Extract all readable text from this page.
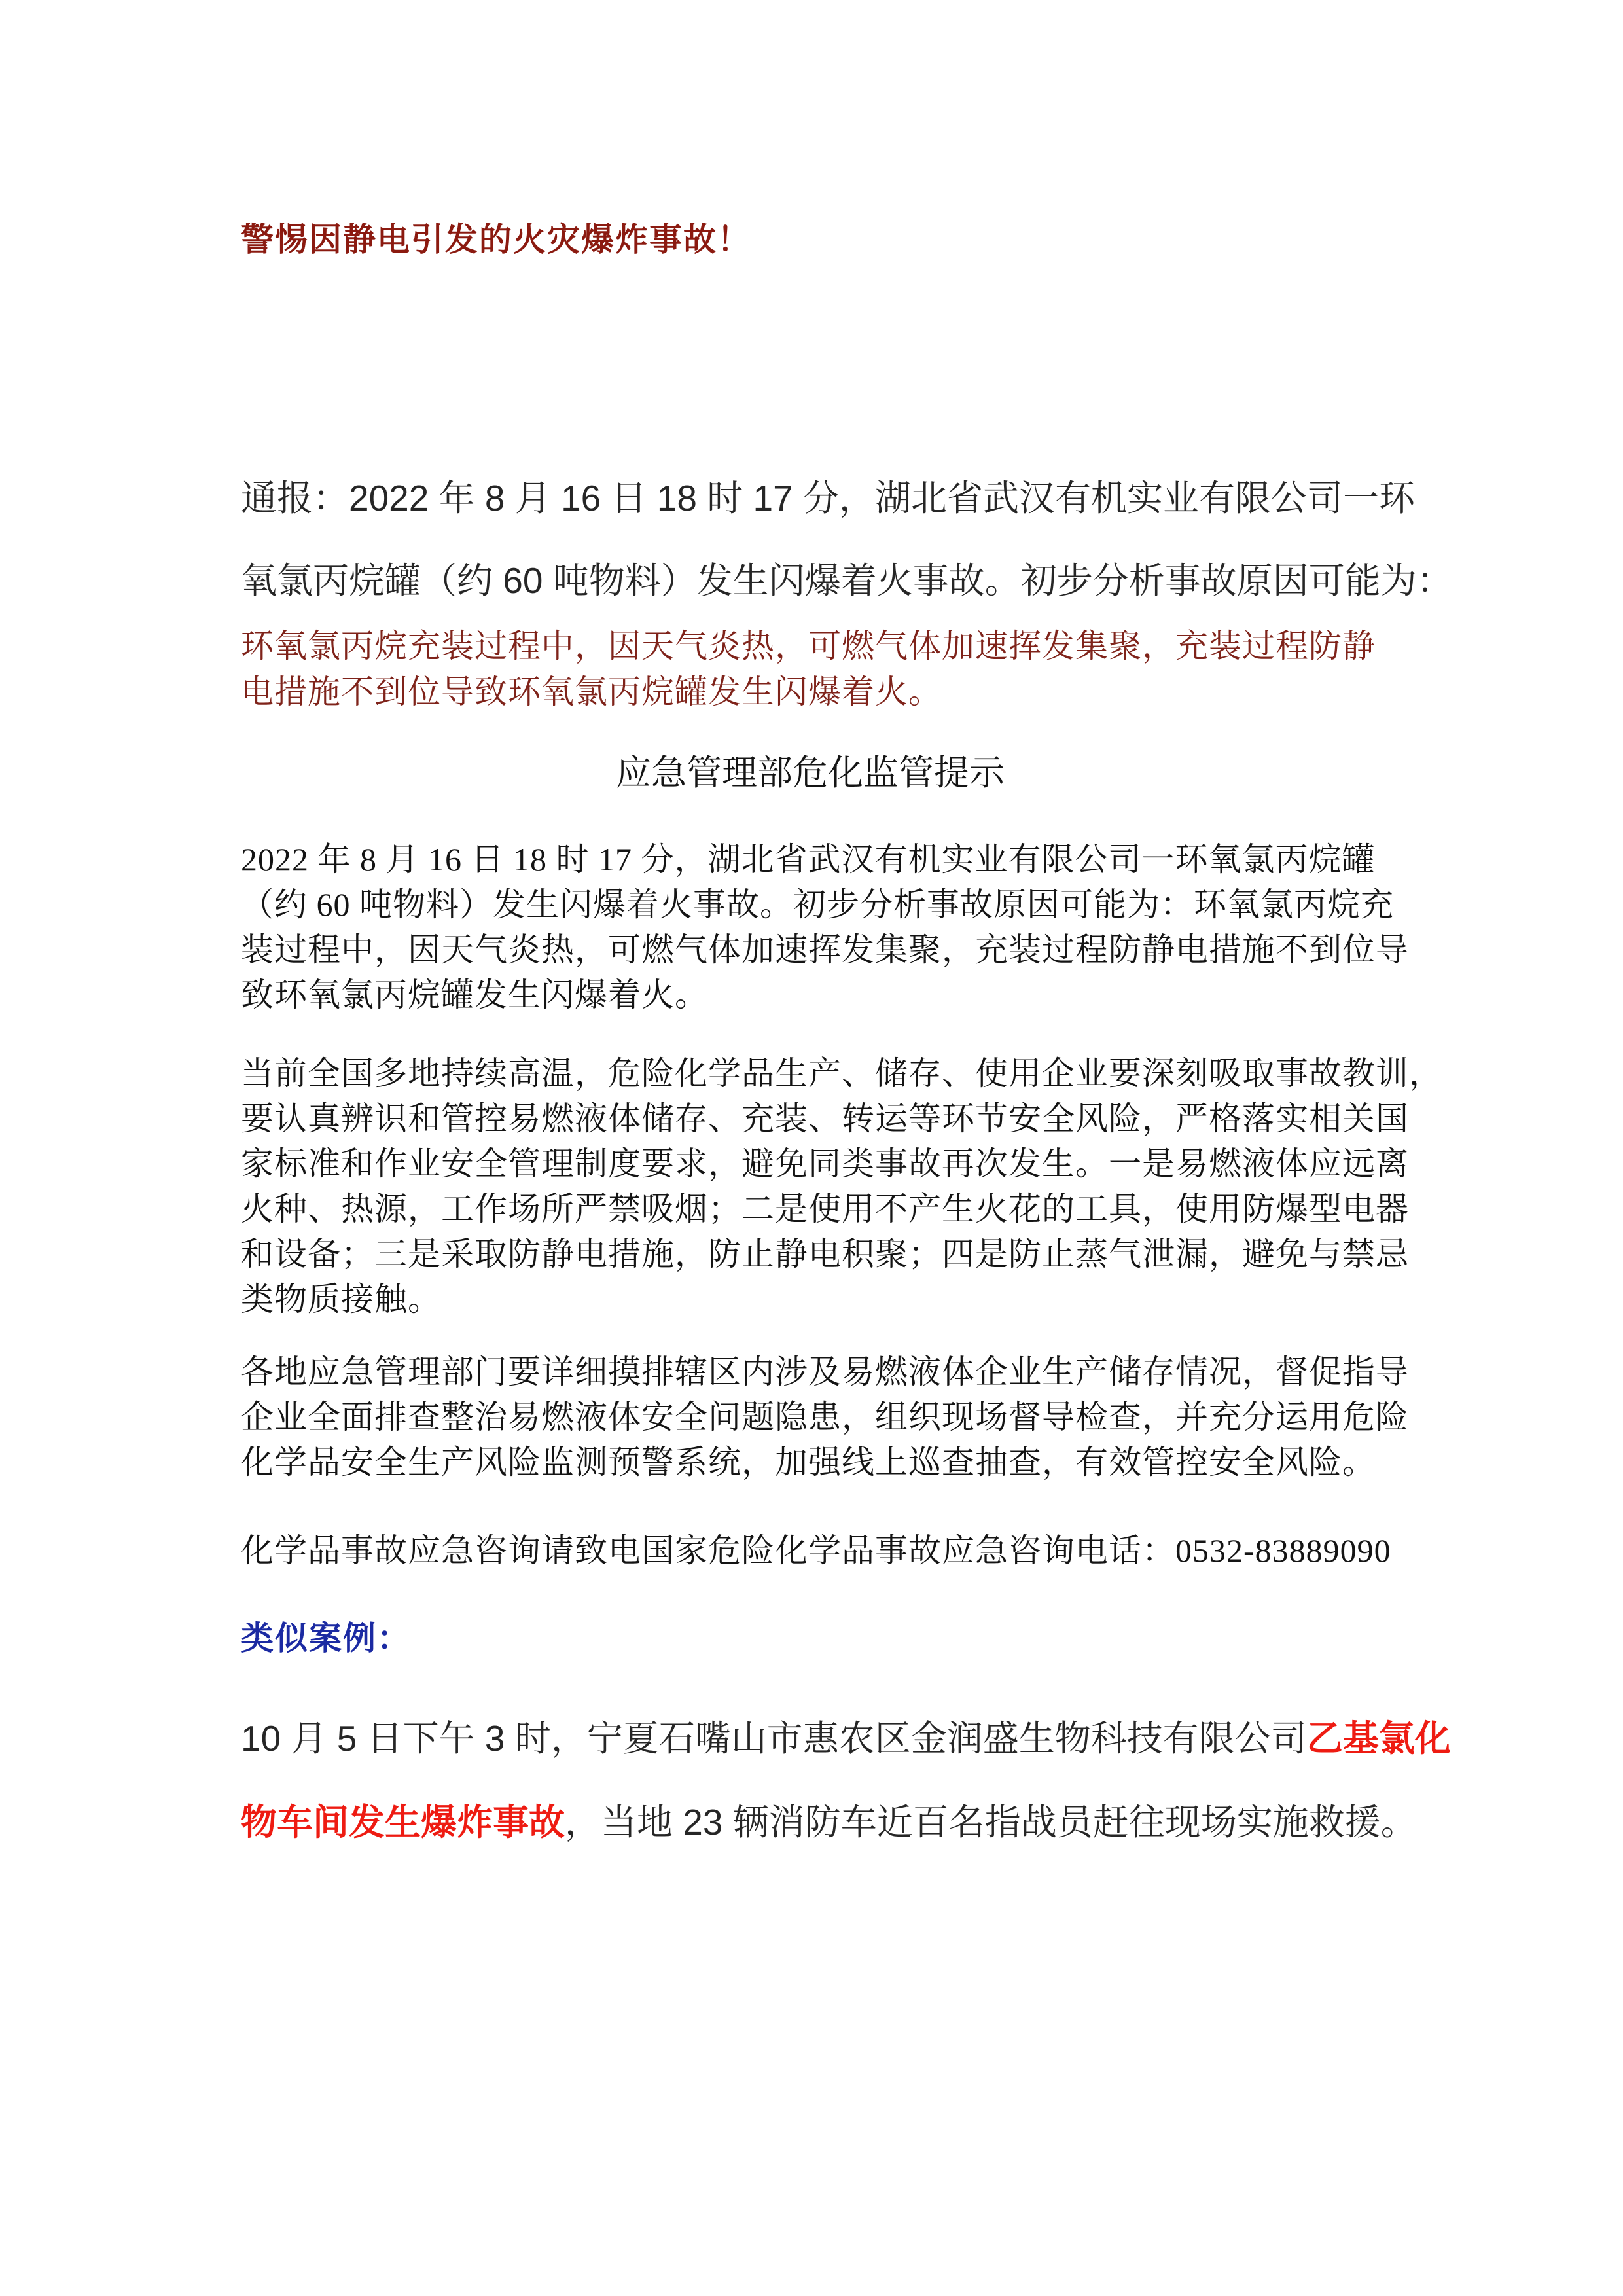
警惕因静电引发的火灾爆炸事故！
通报：2022 年 8 月 16 日 18 时 17 分，湖北省武汉有机实业有限公司一环
氧氯丙烷罐（约 60 吨物料）发生闪爆着火事故。初步分析事故原因可能为：
环氧氯丙烷充装过程中，因天气炎热，可燃气体加速挥发集聚，充装过程防静
电措施不到位导致环氧氯丙烷罐发生闪爆着火。
应急管理部危化监管提示
2022 年 8 月 16 日 18 时 17 分，湖北省武汉有机实业有限公司一环氧氯丙烷罐
（约 60 吨物料）发生闪爆着火事故。初步分析事故原因可能为：环氧氯丙烷充
装过程中，因天气炎热，可燃气体加速挥发集聚，充装过程防静电措施不到位导
致环氧氯丙烷罐发生闪爆着火。
当前全国多地持续高温，危险化学品生产、储存、使用企业要深刻吸取事故教训，
要认真辨识和管控易燃液体储存、充装、转运等环节安全风险，严格落实相关国
家标准和作业安全管理制度要求，避免同类事故再次发生。一是易燃液体应远离
火种、热源，工作场所严禁吸烟；二是使用不产生火花的工具，使用防爆型电器
和设备；三是采取防静电措施，防止静电积聚；四是防止蒸气泄漏，避免与禁忌
类物质接触。
各地应急管理部门要详细摸排辖区内涉及易燃液体企业生产储存情况，督促指导
企业全面排查整治易燃液体安全问题隐患，组织现场督导检查，并充分运用危险
化学品安全生产风险监测预警系统，加强线上巡查抽查，有效管控安全风险。
化学品事故应急咨询请致电国家危险化学品事故应急咨询电话：0532-83889090
类似案例：
10 月 5 日下午 3 时，宁夏石嘴山市惠农区金润盛生物科技有限公司乙基氯化
物车间发生爆炸事故，当地 23 辆消防车近百名指战员赶往现场实施救援。
